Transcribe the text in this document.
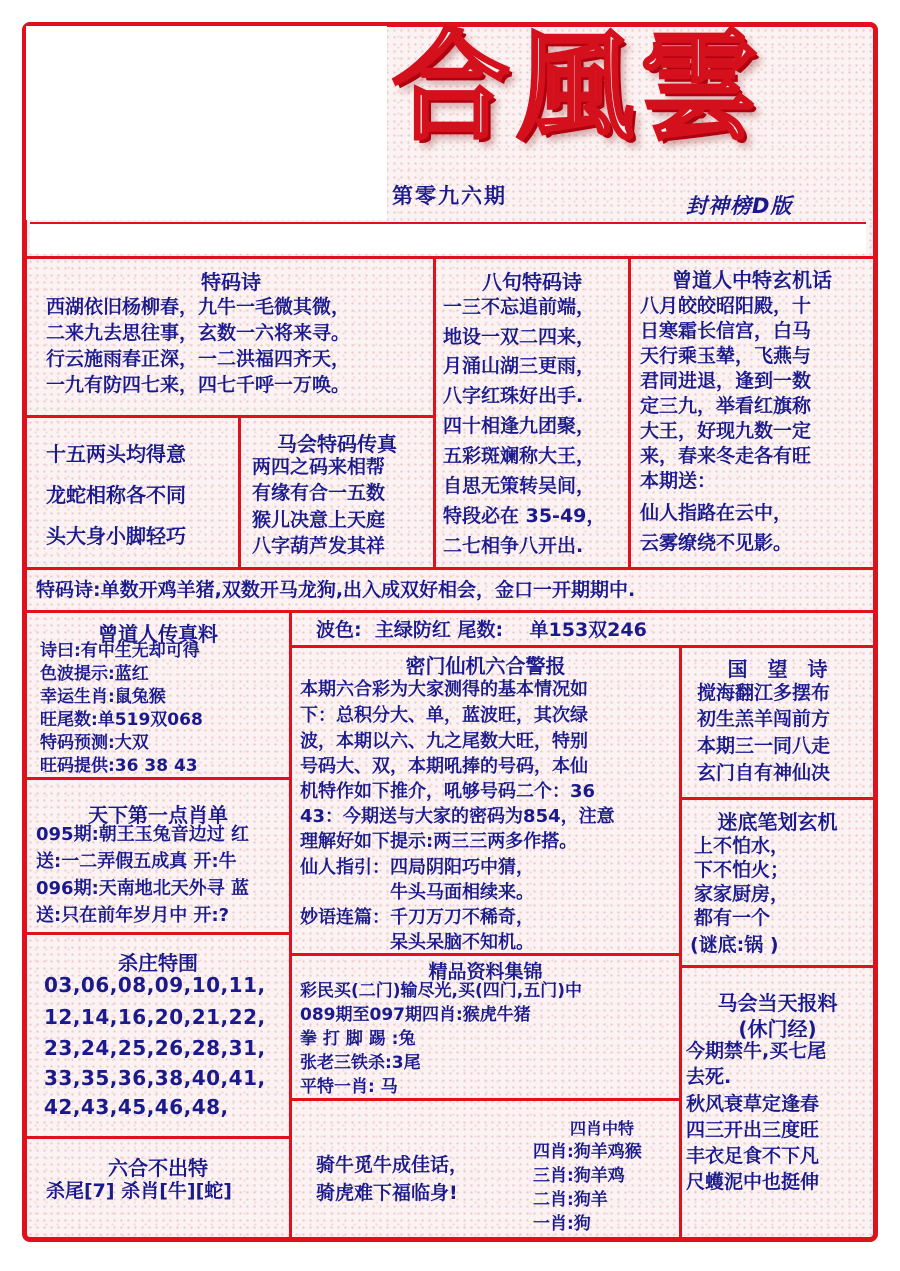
合風雲
第零九六期	封神榜D版
特码诗
西湖依旧杨柳春，九牛一毛微其微，
二来九去思往事，玄数一六将来寻。
行云施雨春正深，一二洪福四齐天，
一九有防四七来，四七千呼一万唤。
八句特码诗
一三不忘追前端，
地设一双二四来，
月涌山湖三更雨，
八字红珠好出手.
四十相逢九团聚，
五彩斑斓称大王，
自思无策转吴间，
特段必在 35-49，
二七相争八开出.
曾道人中特玄机话
八月皎皎昭阳殿，十
日寒霜长信宫，白马
天行乘玉辇，飞燕与
君同进退，逢到一数
定三九，举看红旗称
大王，好现九数一定
来，春来冬走各有旺
本期送：
仙人指路在云中，
云雾缭绕不见影。
十五两头均得意
龙蛇相称各不同
头大身小脚轻巧
马会特码传真
两四之码来相帮
有缘有合一五数
猴儿决意上天庭
八字葫芦发其祥
特码诗:单数开鸡羊猪,双数开马龙狗,出入成双好相会，金口一开期期中.
曾道人传真料
诗曰:有中生无却可得
色波提示:蓝红
幸运生肖:鼠兔猴
旺尾数:单519双068
特码预测:大双
旺码提供:36 38 43
波色:  主绿防红 尾数:    单153双246
密门仙机六合警报
本期六合彩为大家测得的基本情况如
下：总积分大、单，蓝波旺，其次绿
波，本期以六、九之尾数大旺，特别
号码大、双，本期吼捧的号码，本仙
机特作如下推介，吼够号码二个：36
43：今期送与大家的密码为854，注意
理解好如下提示:两三三两多作搭。
仙人指引：四局阴阳巧中猜，
　　　　　牛头马面相续来。
妙语连篇：千刀万刀不稀奇，
　　　　　呆头呆脑不知机。
国　望　诗
搅海翻江多摆布
初生羔羊闯前方
本期三一同八走
玄门自有神仙决
天下第一点肖单
095期:朝王玉兔音边过 红
送:一二弄假五成真 开:牛
096期:天南地北天外寻 蓝
送:只在前年岁月中 开:?
迷底笔划玄机
上不怕水，
下不怕火；
家家厨房，
都有一个
(谜底:锅 )
杀庄特围
03,06,08,09,10,11,
12,14,16,20,21,22,
23,24,25,26,28,31,
33,35,36,38,40,41,
42,43,45,46,48,
精品资料集锦
彩民买(二门)输尽光,买(四门,五门)中
089期至097期四肖:猴虎牛猪
拳 打 脚 踢 :兔
张老三铁杀:3尾
平特一肖: 马
马会当天报料
(休门经)
今期禁牛,买七尾
去死.
秋风衰草定逢春
四三开出三度旺
丰衣足食不下凡
尺蠖泥中也挺伸
六合不出特
杀尾[7] 杀肖[牛][蛇]
骑牛觅牛成佳话，
骑虎难下福临身!
四肖中特
四肖:狗羊鸡猴
三肖:狗羊鸡
二肖:狗羊
一肖:狗
